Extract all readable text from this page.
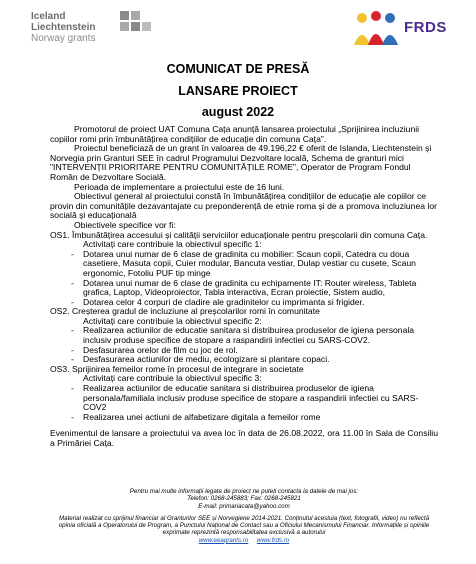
Iceland
Liechtenstein
Norway grants
FRDS
COMUNICAT DE PRESĂ
LANSARE PROIECT
august 2022

Promotorul de proiect UAT Comuna Cața anunță lansarea proiectului „Sprijinirea incluziunii copiilor romi prin îmbunătățirea condițiilor de educație din comuna Cața”.

Proiectul beneficiază de un grant în valoarea de 49.196,22 € oferit de Islanda, Liechtenstein și Norvegia prin Granturi SEE în cadrul Programului Dezvoltare locală, Schema de granturi mici "INTERVENȚII PRIORITARE PENTRU COMUNITĂȚILE ROME", Operator de Program Fondul Român de Dezvoltare Socială.

Perioada de implementare a proiectului este de 16 luni.

Obiectivul general al proiectului constă în îmbunătățirea condițiilor de educație ale copiilor ce provin din comunitățile dezavantajate cu preponderență de etnie roma și de a promova incluziunea lor socială și educațională

Obiectivele specifice vor fi:

OS1. Îmbunătățirea accesului și calității serviciilor educaționale pentru preșcolarii din comuna Cața.

Activitați care contribuie la obiectivul specific 1:

- Dotarea unui numar de 6 clase de gradinita cu mobilier: Scaun copii, Catedra cu doua casetiere, Masuta copii, Cuier modular, Bancuta vestiar, Dulap vestiar cu cusete, Scaun ergonomic, Fotoliu PUF tip minge

- Dotarea unui numar de 6 clase de gradinita cu echipamente IT: Router wireless, Tableta grafica, Laptop, Videoproiector, Tabla interactiva, Ecran proiectie, Sistem audio,

- Dotarea celor 4 corpuri de cladire ale gradinitelor cu imprimanta si frigider.

OS2. Creșterea gradul de incluziune al preșcolarilor romi în comunitate

Activitați care contribuie la obiectivul specific 2:

- Realizarea actiunilor de educatie sanitara si distribuirea produselor de igiena personala inclusiv produse specifice de stopare a raspandirii infectiei cu SARS-COV2.

- Desfasurarea orelor de film cu joc de rol.

- Desfasurarea actiunilor de mediu, ecologizare si plantare copaci.

OS3. Sprijinirea femeilor rome în procesul de integrare in societate

Activitați care contribuie la obiectivul specific 3:

- Realizarea actiunilor de educatie sanitara si distribuirea produselor de igiena personala/familiala inclusiv produse specifice de stopare a raspandirii infectiei cu SARS-COV2

- Realizarea unei actiuni de alfabetizare digitala a femeilor rome

Evenimentul de lansare a proiectului va avea loc în data de 26.08.2022, ora 11.00 în Sala de Consiliu a Primăriei Cața.

Pentru mai multe informații legate de proiect ne puteți contacta la datele de mai jos:

Telefon: 0268-245883; Fax: 0268-245821

E-mail: primariacata@yahoo.com

Material realizat cu sprijinul financiar al Granturilor SEE și Norvegiene 2014-2021. Conținutul acestuia (text, fotografii, video) nu reflectă opinia oficială a Operatorului de Program, a Punctului Național de Contact sau a Oficiului Mecanismului Financiar. Informațiile și opiniile exprimate reprezintă responsabilitatea exclusivă a autorului

www.eeagrants.ro www.frds.ro
